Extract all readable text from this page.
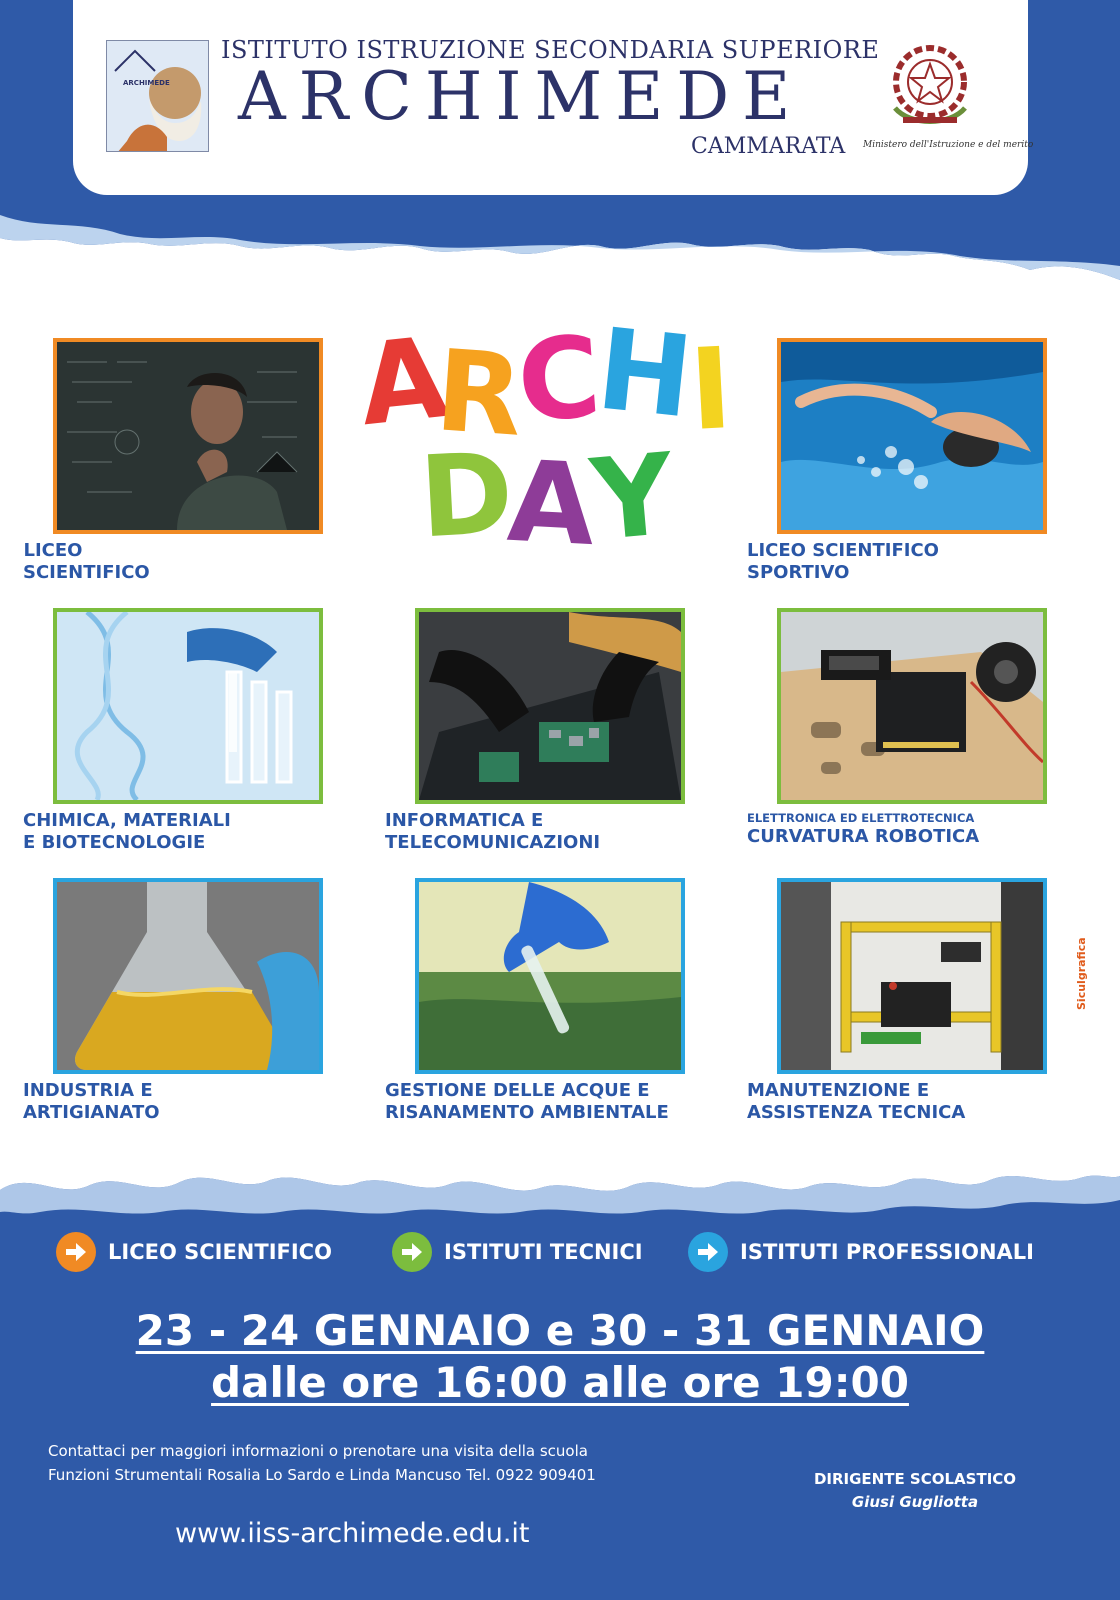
ARCHIMEDE
ISTITUTO ISTRUZIONE SECONDARIA SUPERIORE
ARCHIMEDE
CAMMARATA	Ministero dell'Istruzione e del merito
A
R
C
H
I
D
A
Y
LICEO
SCIENTIFICO
LICEO SCIENTIFICO
SPORTIVO
CHIMICA, MATERIALI
E BIOTECNOLOGIE
INFORMATICA E
TELECOMUNICAZIONI
ELETTRONICA ED ELETTROTECNICA
CURVATURA ROBOTICA
INDUSTRIA E
ARTIGIANATO
GESTIONE DELLE ACQUE E
RISANAMENTO AMBIENTALE
MANUTENZIONE E
ASSISTENZA TECNICA
Siculgrafica
LICEO SCIENTIFICO	ISTITUTI TECNICI	ISTITUTI PROFESSIONALI
23 - 24 GENNAIO e 30 - 31 GENNAIO
dalle ore 16:00 alle ore 19:00
Contattaci per maggiori informazioni o prenotare una visita della scuola
Funzioni Strumentali Rosalia Lo Sardo e Linda Mancuso Tel. 0922 909401
www.iiss-archimede.edu.it
DIRIGENTE SCOLASTICO
Giusi Gugliotta
